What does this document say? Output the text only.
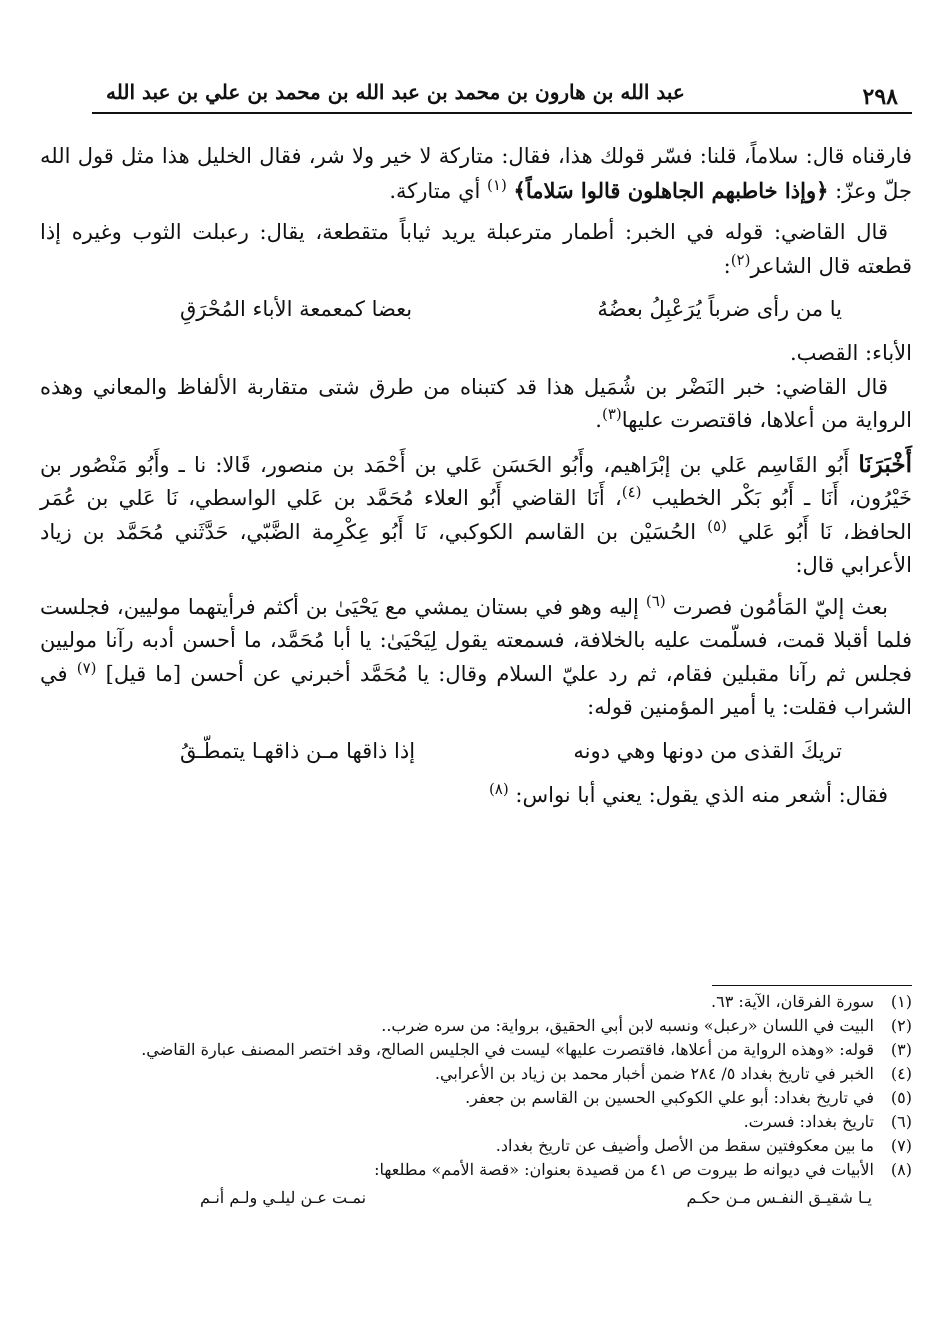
٢٩٨
عبد الله بن هارون بن محمد بن عبد الله بن محمد بن علي بن عبد الله

فارقناه قال: سلاماً، قلنا: فسّر قولك هذا، فقال: متاركة لا خير ولا شر، فقال الخليل هذا مثل قول الله جلّ وعزّ: ﴿وإذا خاطبهم الجاهلون قالوا سَلاماً﴾ $^{(١)}$ أي متاركة.

قال القاضي: قوله في الخبر: أطمار مترعبلة يريد ثياباً متقطعة، يقال: رعبلت الثوب وغيره إذا قطعته قال الشاعر$^{(٢)}$:

يا من رأى ضرباً يُرَعْبِلُ بعضُهُ
بعضا كمعمعة الأباء المُحْرَقِ

الأباء: القصب.

قال القاضي: خبر النَضْر بن شُمَيل هذا قد كتبناه من طرق شتى متقاربة الألفاظ والمعاني وهذه الرواية من أعلاها، فاقتصرت عليها$^{(٣)}$.

أَخْبَرَنَا أَبُو القَاسِم عَلي بن إبْرَاهيم، وأَبُو الحَسَن عَلي بن أَحْمَد بن منصور، قَالا: نا ـ وأَبُو مَنْصُور بن خَيْرُون، أَنَا ـ أَبُو بَكْر الخطيب $^{(٤)}$، أَنَا القاضي أَبُو العلاء مُحَمَّد بن عَلي الواسطي، نَا عَلي بن عُمَر الحافظ، نَا أَبُو عَلي $^{(٥)}$ الحُسَيْن بن القاسم الكوكبي، نَا أَبُو عِكْرِمة الضَّبّي، حَدَّثَني مُحَمَّد بن زياد الأعرابي قال:

بعث إليّ المَأمُون فصرت $^{(٦)}$ إليه وهو في بستان يمشي مع يَحْيَىٰ بن أكثم فرأيتهما موليين، فجلست فلما أقبلا قمت، فسلّمت عليه بالخلافة، فسمعته يقول لِيَحْيَىٰ: يا أبا مُحَمَّد، ما أحسن أدبه رآنا موليين فجلس ثم رآنا مقبلين فقام، ثم رد عليّ السلام وقال: يا مُحَمَّد أخبرني عن أحسن [ما قيل] $^{(٧)}$ في الشراب فقلت: يا أمير المؤمنين قوله:

تريكَ القذى من دونها وهي دونه
إذا ذاقها مـن ذاقهـا يتمطّـقُ

فقال: أشعر منه الذي يقول: يعني أبا نواس: $^{(٨)}$

(١)
سورة الفرقان، الآية: ٦٣.
(٢)
البيت في اللسان «رعبل» ونسبه لابن أبي الحقيق، برواية: من سره ضرب..
(٣)
قوله: «وهذه الرواية من أعلاها، فاقتصرت عليها» ليست في الجليس الصالح، وقد اختصر المصنف عبارة القاضي.
(٤)
الخبر في تاريخ بغداد ٥/ ٢٨٤ ضمن أخبار محمد بن زياد بن الأعرابي.
(٥)
في تاريخ بغداد: أبو علي الكوكبي الحسين بن القاسم بن جعفر.
(٦)
تاريخ بغداد: فسرت.
(٧)
ما بين معكوفتين سقط من الأصل وأضيف عن تاريخ بغداد.
(٨)
الأبيات في ديوانه ط بيروت ص ٤١ من قصيدة بعنوان: «قصة الأمم» مطلعها:
يـا شقيـق النفـس مـن حكـم
نمـت عـن ليلـي ولـم أنـم
